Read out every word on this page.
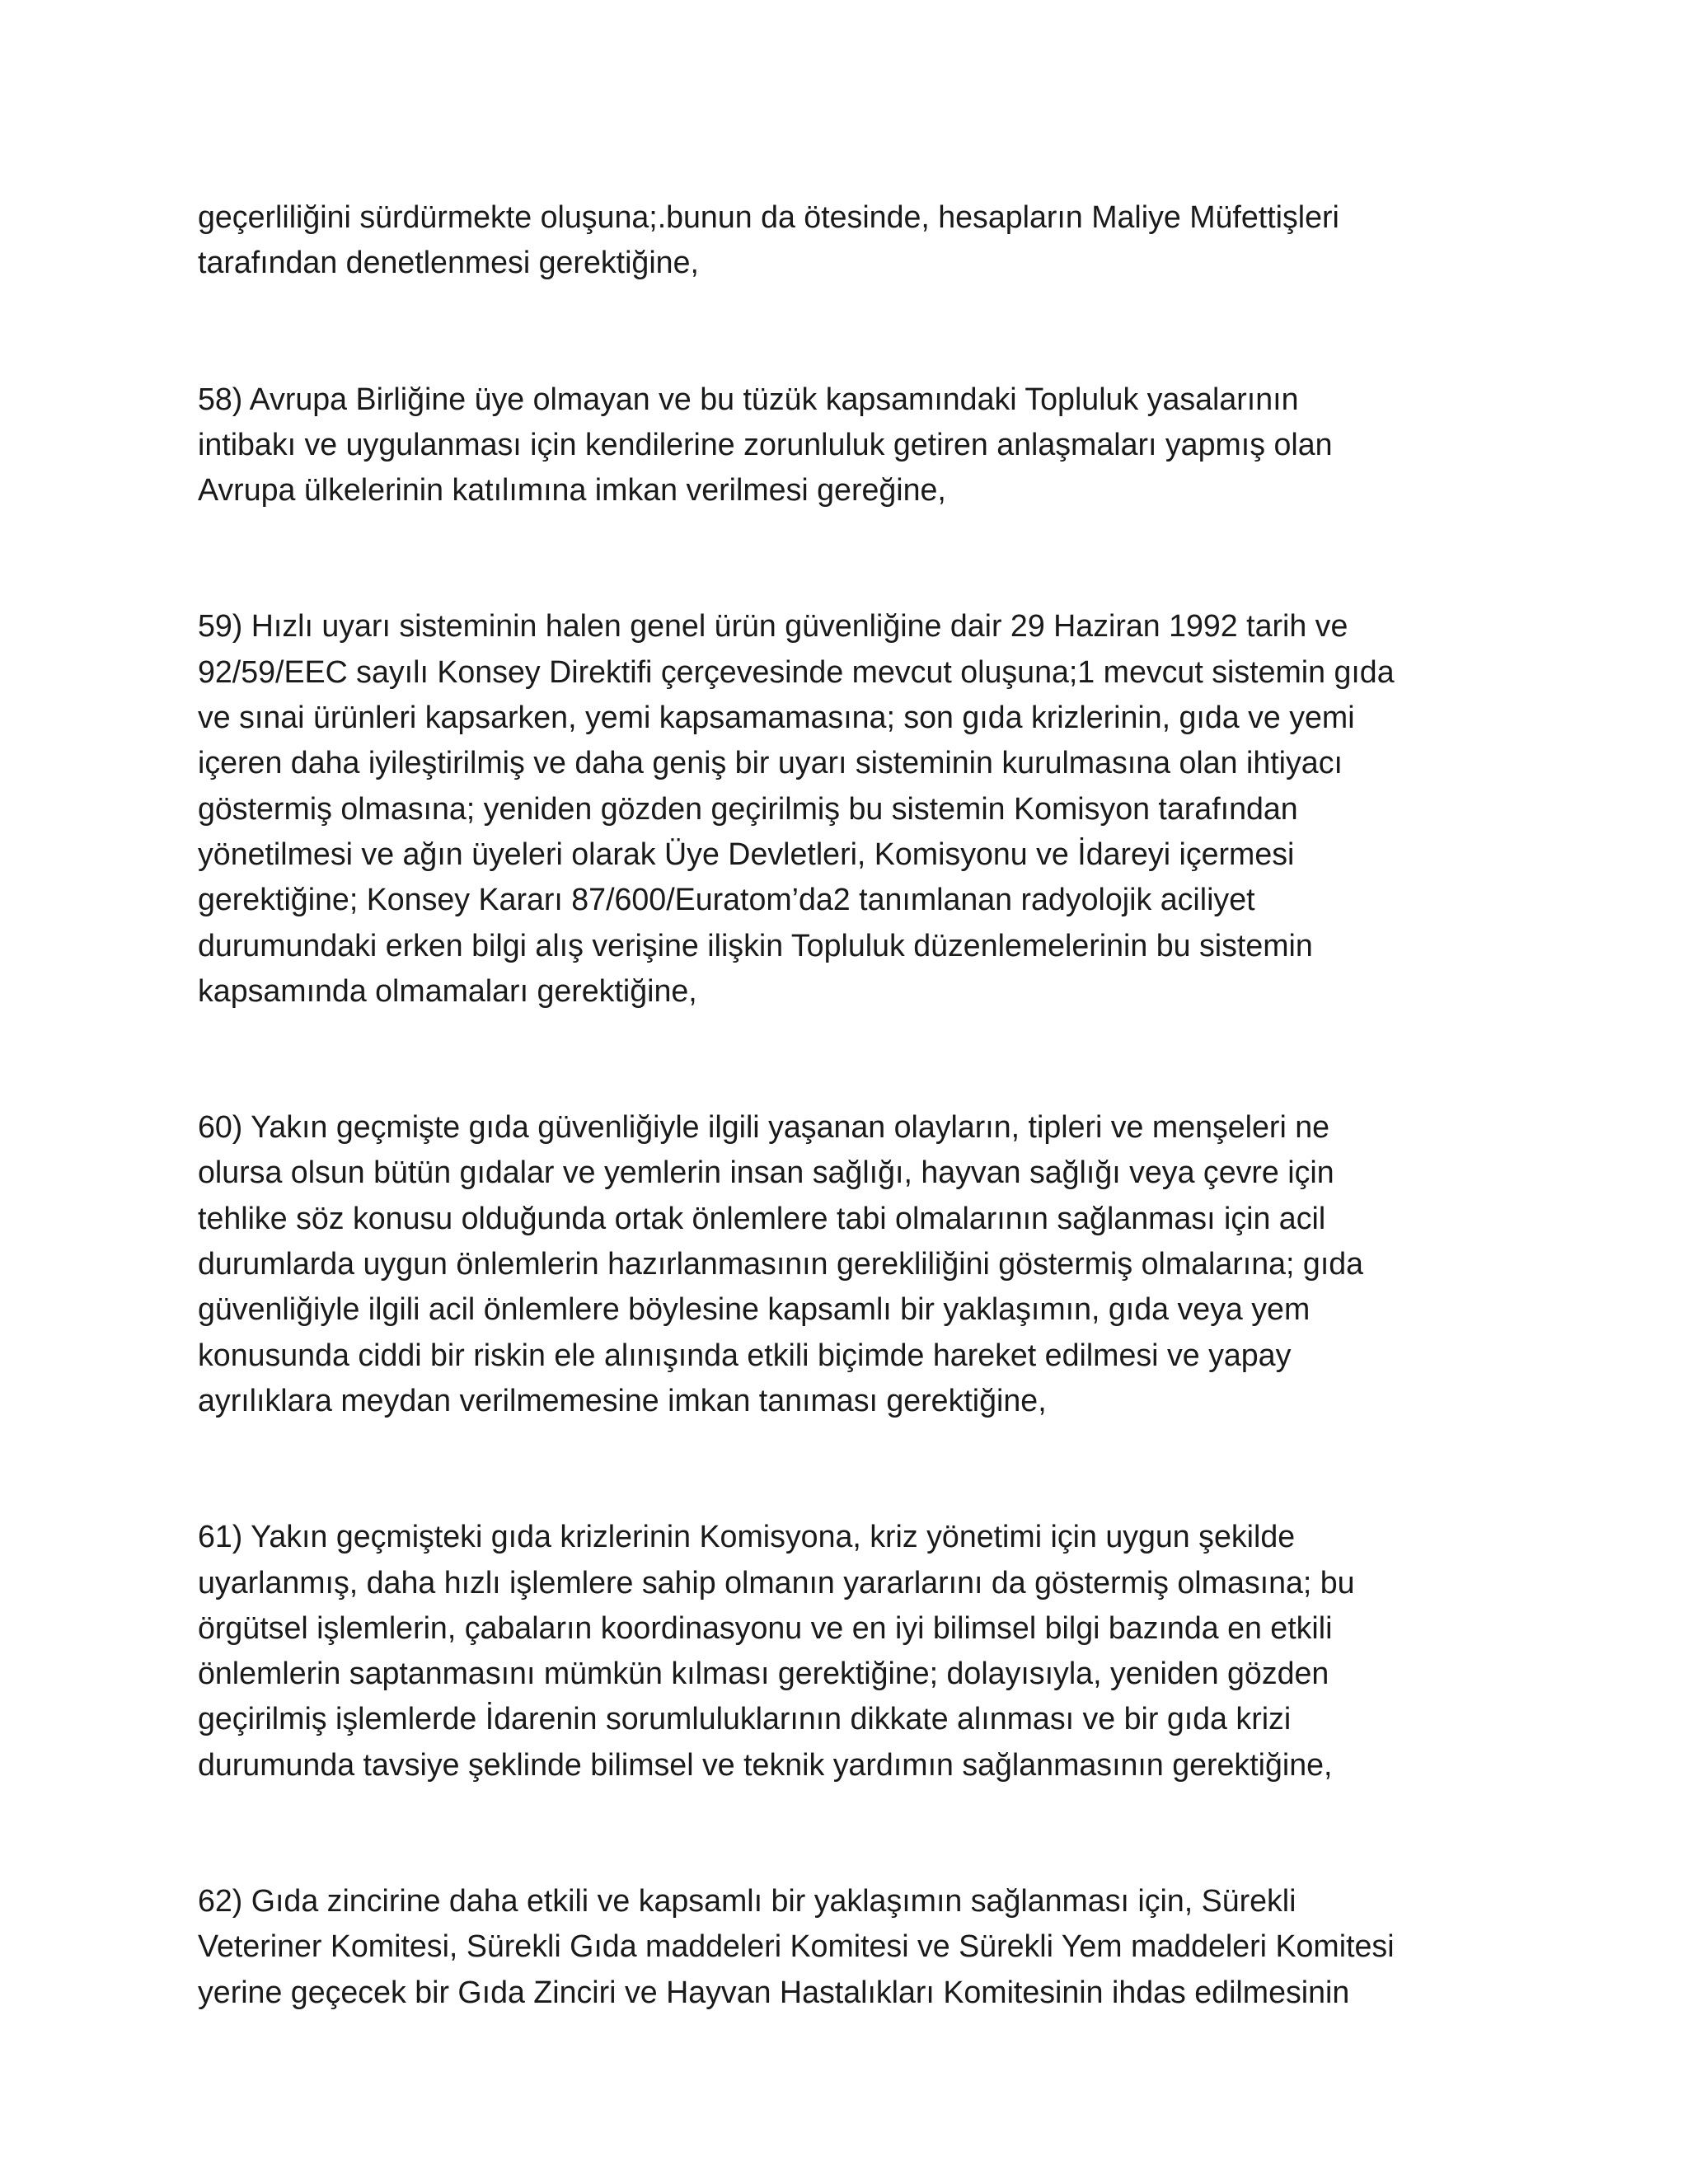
geçerliliğini sürdürmekte oluşuna;.bunun da ötesinde, hesapların Maliye Müfettişleri
tarafından denetlenmesi gerektiğine,

58) Avrupa Birliğine üye olmayan ve bu tüzük kapsamındaki Topluluk yasalarının
intibakı ve uygulanması için kendilerine zorunluluk getiren anlaşmaları yapmış olan
Avrupa ülkelerinin katılımına imkan verilmesi gereğine,

59) Hızlı uyarı sisteminin halen genel ürün güvenliğine dair 29 Haziran 1992 tarih ve
92/59/EEC sayılı Konsey Direktifi çerçevesinde mevcut oluşuna;1 mevcut sistemin gıda
ve sınai ürünleri kapsarken, yemi kapsamamasına; son gıda krizlerinin, gıda ve yemi
içeren daha iyileştirilmiş ve daha geniş bir uyarı sisteminin kurulmasına olan ihtiyacı
göstermiş olmasına; yeniden gözden geçirilmiş bu sistemin Komisyon tarafından
yönetilmesi ve ağın üyeleri olarak Üye Devletleri, Komisyonu ve İdareyi içermesi
gerektiğine; Konsey Kararı 87/600/Euratom’da2 tanımlanan radyolojik aciliyet
durumundaki erken bilgi alış verişine ilişkin Topluluk düzenlemelerinin bu sistemin
kapsamında olmamaları gerektiğine,

60) Yakın geçmişte gıda güvenliğiyle ilgili yaşanan olayların, tipleri ve menşeleri ne
olursa olsun bütün gıdalar ve yemlerin insan sağlığı, hayvan sağlığı veya çevre için
tehlike söz konusu olduğunda ortak önlemlere tabi olmalarının sağlanması için acil
durumlarda uygun önlemlerin hazırlanmasının gerekliliğini göstermiş olmalarına; gıda
güvenliğiyle ilgili acil önlemlere böylesine kapsamlı bir yaklaşımın, gıda veya yem
konusunda ciddi bir riskin ele alınışında etkili biçimde hareket edilmesi ve yapay
ayrılıklara meydan verilmemesine imkan tanıması gerektiğine,

61) Yakın geçmişteki gıda krizlerinin Komisyona, kriz yönetimi için uygun şekilde
uyarlanmış, daha hızlı işlemlere sahip olmanın yararlarını da göstermiş olmasına; bu
örgütsel işlemlerin, çabaların koordinasyonu ve en iyi bilimsel bilgi bazında en etkili
önlemlerin saptanmasını mümkün kılması gerektiğine; dolayısıyla, yeniden gözden
geçirilmiş işlemlerde İdarenin sorumluluklarının dikkate alınması ve bir gıda krizi
durumunda tavsiye şeklinde bilimsel ve teknik yardımın sağlanmasının gerektiğine,

62) Gıda zincirine daha etkili ve kapsamlı bir yaklaşımın sağlanması için, Sürekli
Veteriner Komitesi, Sürekli Gıda maddeleri Komitesi ve Sürekli Yem maddeleri Komitesi
yerine geçecek bir Gıda Zinciri ve Hayvan Hastalıkları Komitesinin ihdas edilmesinin
